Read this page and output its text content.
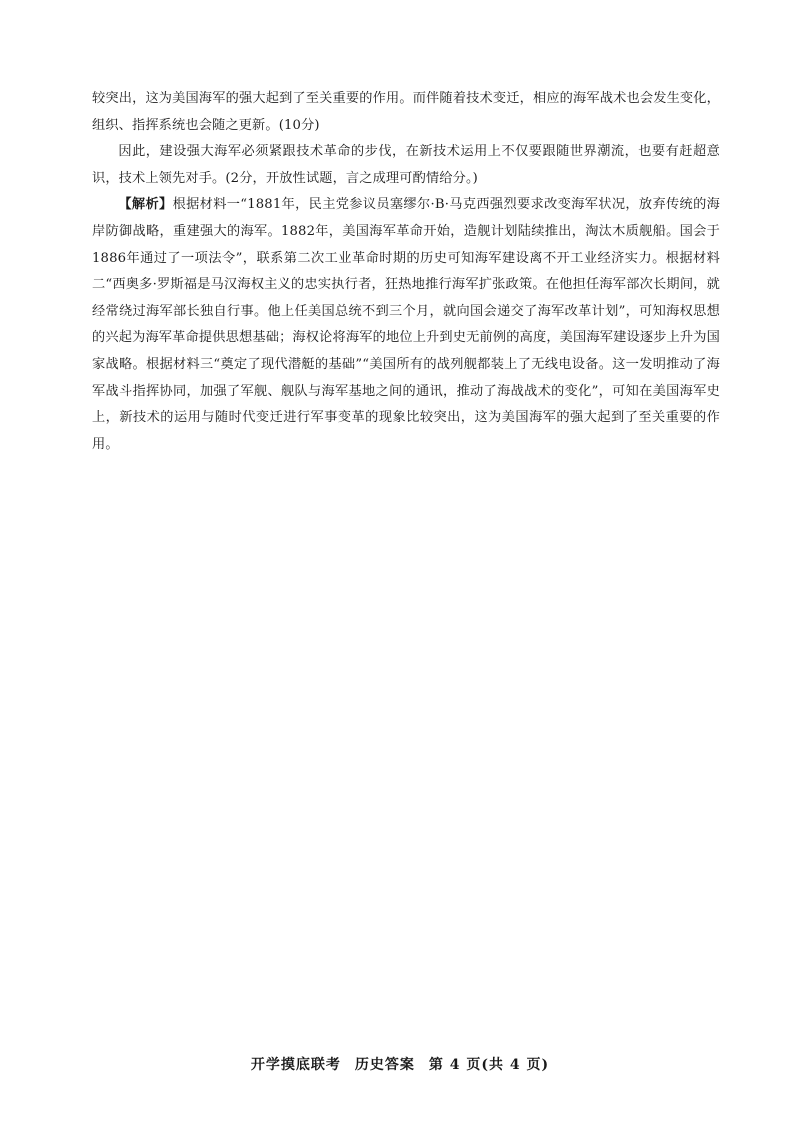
较突出，这为美国海军的强大起到了至关重要的作用。而伴随着技术变迁，相应的海军战术也会发生变化，组织、指挥系统也会随之更新。(10分)

因此，建设强大海军必须紧跟技术革命的步伐，在新技术运用上不仅要跟随世界潮流，也要有赶超意识，技术上领先对手。(2分，开放性试题，言之成理可酌情给分。)

【解析】根据材料一“1881年，民主党参议员塞缪尔·B·马克西强烈要求改变海军状况，放弃传统的海岸防御战略，重建强大的海军。1882年，美国海军革命开始，造舰计划陆续推出，淘汰木质舰船。国会于1886年通过了一项法令”，联系第二次工业革命时期的历史可知海军建设离不开工业经济实力。根据材料二“西奥多·罗斯福是马汉海权主义的忠实执行者，狂热地推行海军扩张政策。在他担任海军部次长期间，就经常绕过海军部长独自行事。他上任美国总统不到三个月，就向国会递交了海军改革计划”，可知海权思想的兴起为海军革命提供思想基础；海权论将海军的地位上升到史无前例的高度，美国海军建设逐步上升为国家战略。根据材料三“奠定了现代潜艇的基础”“美国所有的战列舰都装上了无线电设备。这一发明推动了海军战斗指挥协同，加强了军舰、舰队与海军基地之间的通讯，推动了海战战术的变化”，可知在美国海军史上，新技术的运用与随时代变迁进行军事变革的现象比较突出，这为美国海军的强大起到了至关重要的作用。

开学摸底联考 历史答案 第 4 页(共 4 页)
